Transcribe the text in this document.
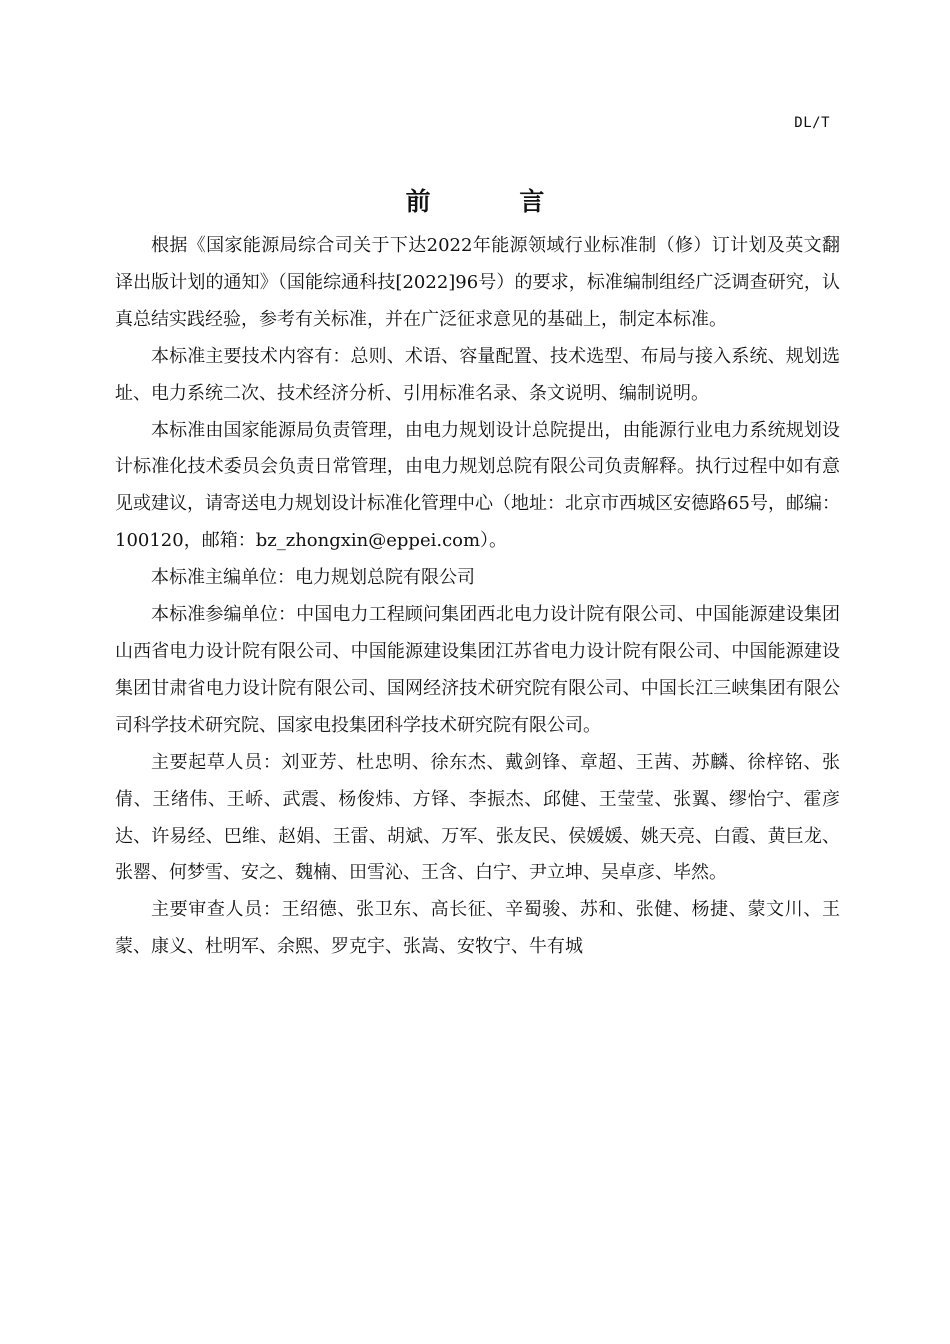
DL/T
前 言

根据《国家能源局综合司关于下达2022年能源领域行业标准制（修）订计划及英文翻译出版计划的通知》（国能综通科技[2022]96号）的要求，标准编制组经广泛调查研究，认真总结实践经验，参考有关标准，并在广泛征求意见的基础上，制定本标准。

本标准主要技术内容有：总则、术语、容量配置、技术选型、布局与接入系统、规划选址、电力系统二次、技术经济分析、引用标准名录、条文说明、编制说明。

本标准由国家能源局负责管理，由电力规划设计总院提出，由能源行业电力系统规划设计标准化技术委员会负责日常管理，由电力规划总院有限公司负责解释。执行过程中如有意见或建议，请寄送电力规划设计标准化管理中心（地址：北京市西城区安德路65号，邮编：100120，邮箱：bz_zhongxin@eppei.com）。

本标准主编单位：电力规划总院有限公司

本标准参编单位：中国电力工程顾问集团西北电力设计院有限公司、中国能源建设集团山西省电力设计院有限公司、中国能源建设集团江苏省电力设计院有限公司、中国能源建设集团甘肃省电力设计院有限公司、国网经济技术研究院有限公司、中国长江三峡集团有限公司科学技术研究院、国家电投集团科学技术研究院有限公司。

主要起草人员：刘亚芳、杜忠明、徐东杰、戴剑锋、章超、王茜、苏麟、徐梓铭、张倩、王绪伟、王峤、武震、杨俊炜、方铎、李振杰、邱健、王莹莹、张翼、缪怡宁、霍彦达、许易经、巴维、赵娟、王雷、胡斌、万军、张友民、侯媛媛、姚天亮、白霞、黄巨龙、张罂、何梦雪、安之、魏楠、田雪沁、王含、白宁、尹立坤、吴卓彦、毕然。

主要审查人员：王绍德、张卫东、高长征、辛蜀骏、苏和、张健、杨捷、蒙文川、王蒙、康义、杜明军、余熙、罗克宇、张嵩、安牧宁、牛有城
